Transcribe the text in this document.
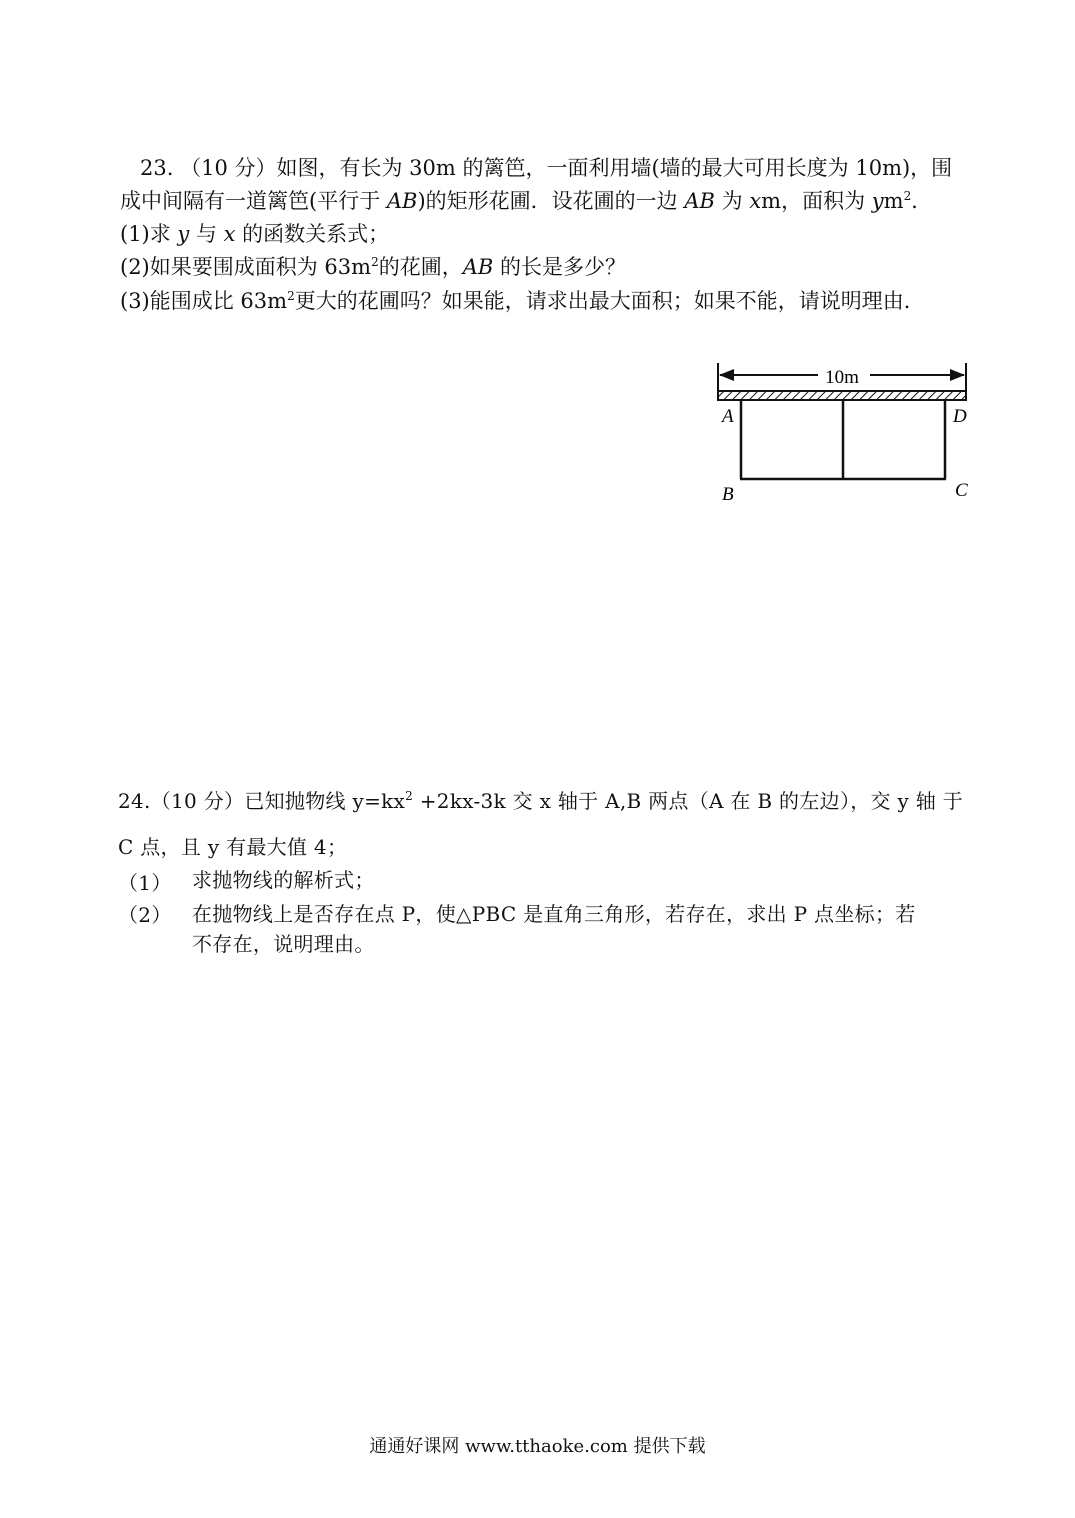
23. （10 分）如图，有长为 30m 的篱笆，一面利用墙(墙的最大可用长度为 10m)，围
成中间隔有一道篱笆(平行于 AB)的矩形花圃．设花圃的一边 AB 为 xm，面积为 $ym^2$．
(1)求 y 与 x 的函数关系式；
(2)如果要围成面积为 $63m^2$的花圃，AB 的长是多少？
(3)能围成比 $63m^2$更大的花圃吗？如果能，请求出最大面积；如果不能，请说明理由．
10m
A	D
B	C
24.（10 分）已知抛物线 $y=kx^2 +2kx-3k$ 交 x 轴于 A,B 两点（A 在 B 的左边），交 y 轴 于
C 点，且 y 有最大值 4；
（1） 求抛物线的解析式；
（2） 在抛物线上是否存在点 P，使△PBC 是直角三角形，若存在，求出 P 点坐标；若
不存在，说明理由。
通通好课网 www.tthaoke.com 提供下载
